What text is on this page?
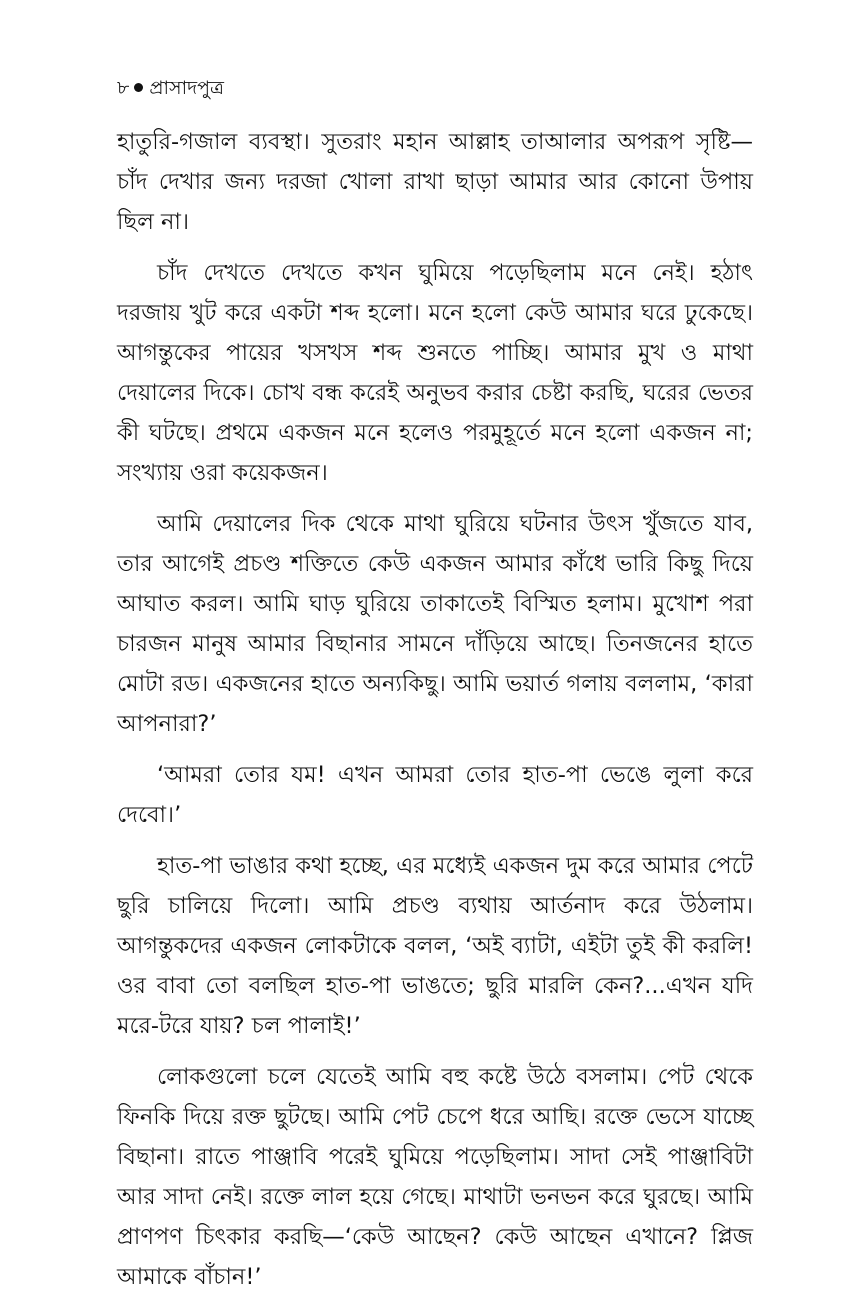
৮ প্রাসাদপুত্র

হাতুরি-গজাল ব্যবস্থা। সুতরাং মহান আল্লাহ তাআলার অপরূপ সৃষ্টি—চাঁদ দেখার জন্য দরজা খোলা রাখা ছাড়া আমার আর কোনো উপায় ছিল না।

চাঁদ দেখতে দেখতে কখন ঘুমিয়ে পড়েছিলাম মনে নেই। হঠাৎ দরজায় খুট করে একটা শব্দ হলো। মনে হলো কেউ আমার ঘরে ঢুকেছে। আগন্তুকের পায়ের খসখস শব্দ শুনতে পাচ্ছি। আমার মুখ ও মাথা দেয়ালের দিকে। চোখ বন্ধ করেই অনুভব করার চেষ্টা করছি, ঘরের ভেতর কী ঘটছে। প্রথমে একজন মনে হলেও পরমুহূর্তে মনে হলো একজন না; সংখ্যায় ওরা কয়েকজন।

আমি দেয়ালের দিক থেকে মাথা ঘুরিয়ে ঘটনার উৎস খুঁজতে যাব, তার আগেই প্রচণ্ড শক্তিতে কেউ একজন আমার কাঁধে ভারি কিছু দিয়ে আঘাত করল। আমি ঘাড় ঘুরিয়ে তাকাতেই বিস্মিত হলাম। মুখোশ পরা চারজন মানুষ আমার বিছানার সামনে দাঁড়িয়ে আছে। তিনজনের হাতে মোটা রড। একজনের হাতে অন্যকিছু। আমি ভয়ার্ত গলায় বললাম, ‘কারা আপনারা?’

‘আমরা তোর যম! এখন আমরা তোর হাত-পা ভেঙে লুলা করে দেবো।’

হাত-পা ভাঙার কথা হচ্ছে, এর মধ্যেই একজন দুম করে আমার পেটে ছুরি চালিয়ে দিলো। আমি প্রচণ্ড ব্যথায় আর্তনাদ করে উঠলাম। আগন্তুকদের একজন লোকটাকে বলল, ‘অই ব্যাটা, এইটা তুই কী করলি! ওর বাবা তো বলছিল হাত-পা ভাঙতে; ছুরি মারলি কেন?...এখন যদি মরে-টরে যায়? চল পালাই!’

লোকগুলো চলে যেতেই আমি বহু কষ্টে উঠে বসলাম। পেট থেকে ফিনকি দিয়ে রক্ত ছুটছে। আমি পেট চেপে ধরে আছি। রক্তে ভেসে যাচ্ছে বিছানা। রাতে পাঞ্জাবি পরেই ঘুমিয়ে পড়েছিলাম। সাদা সেই পাঞ্জাবিটা আর সাদা নেই। রক্তে লাল হয়ে গেছে। মাথাটা ভনভন করে ঘুরছে। আমি প্রাণপণ চিৎকার করছি—‘কেউ আছেন? কেউ আছেন এখানে? প্লিজ আমাকে বাঁচান!’
